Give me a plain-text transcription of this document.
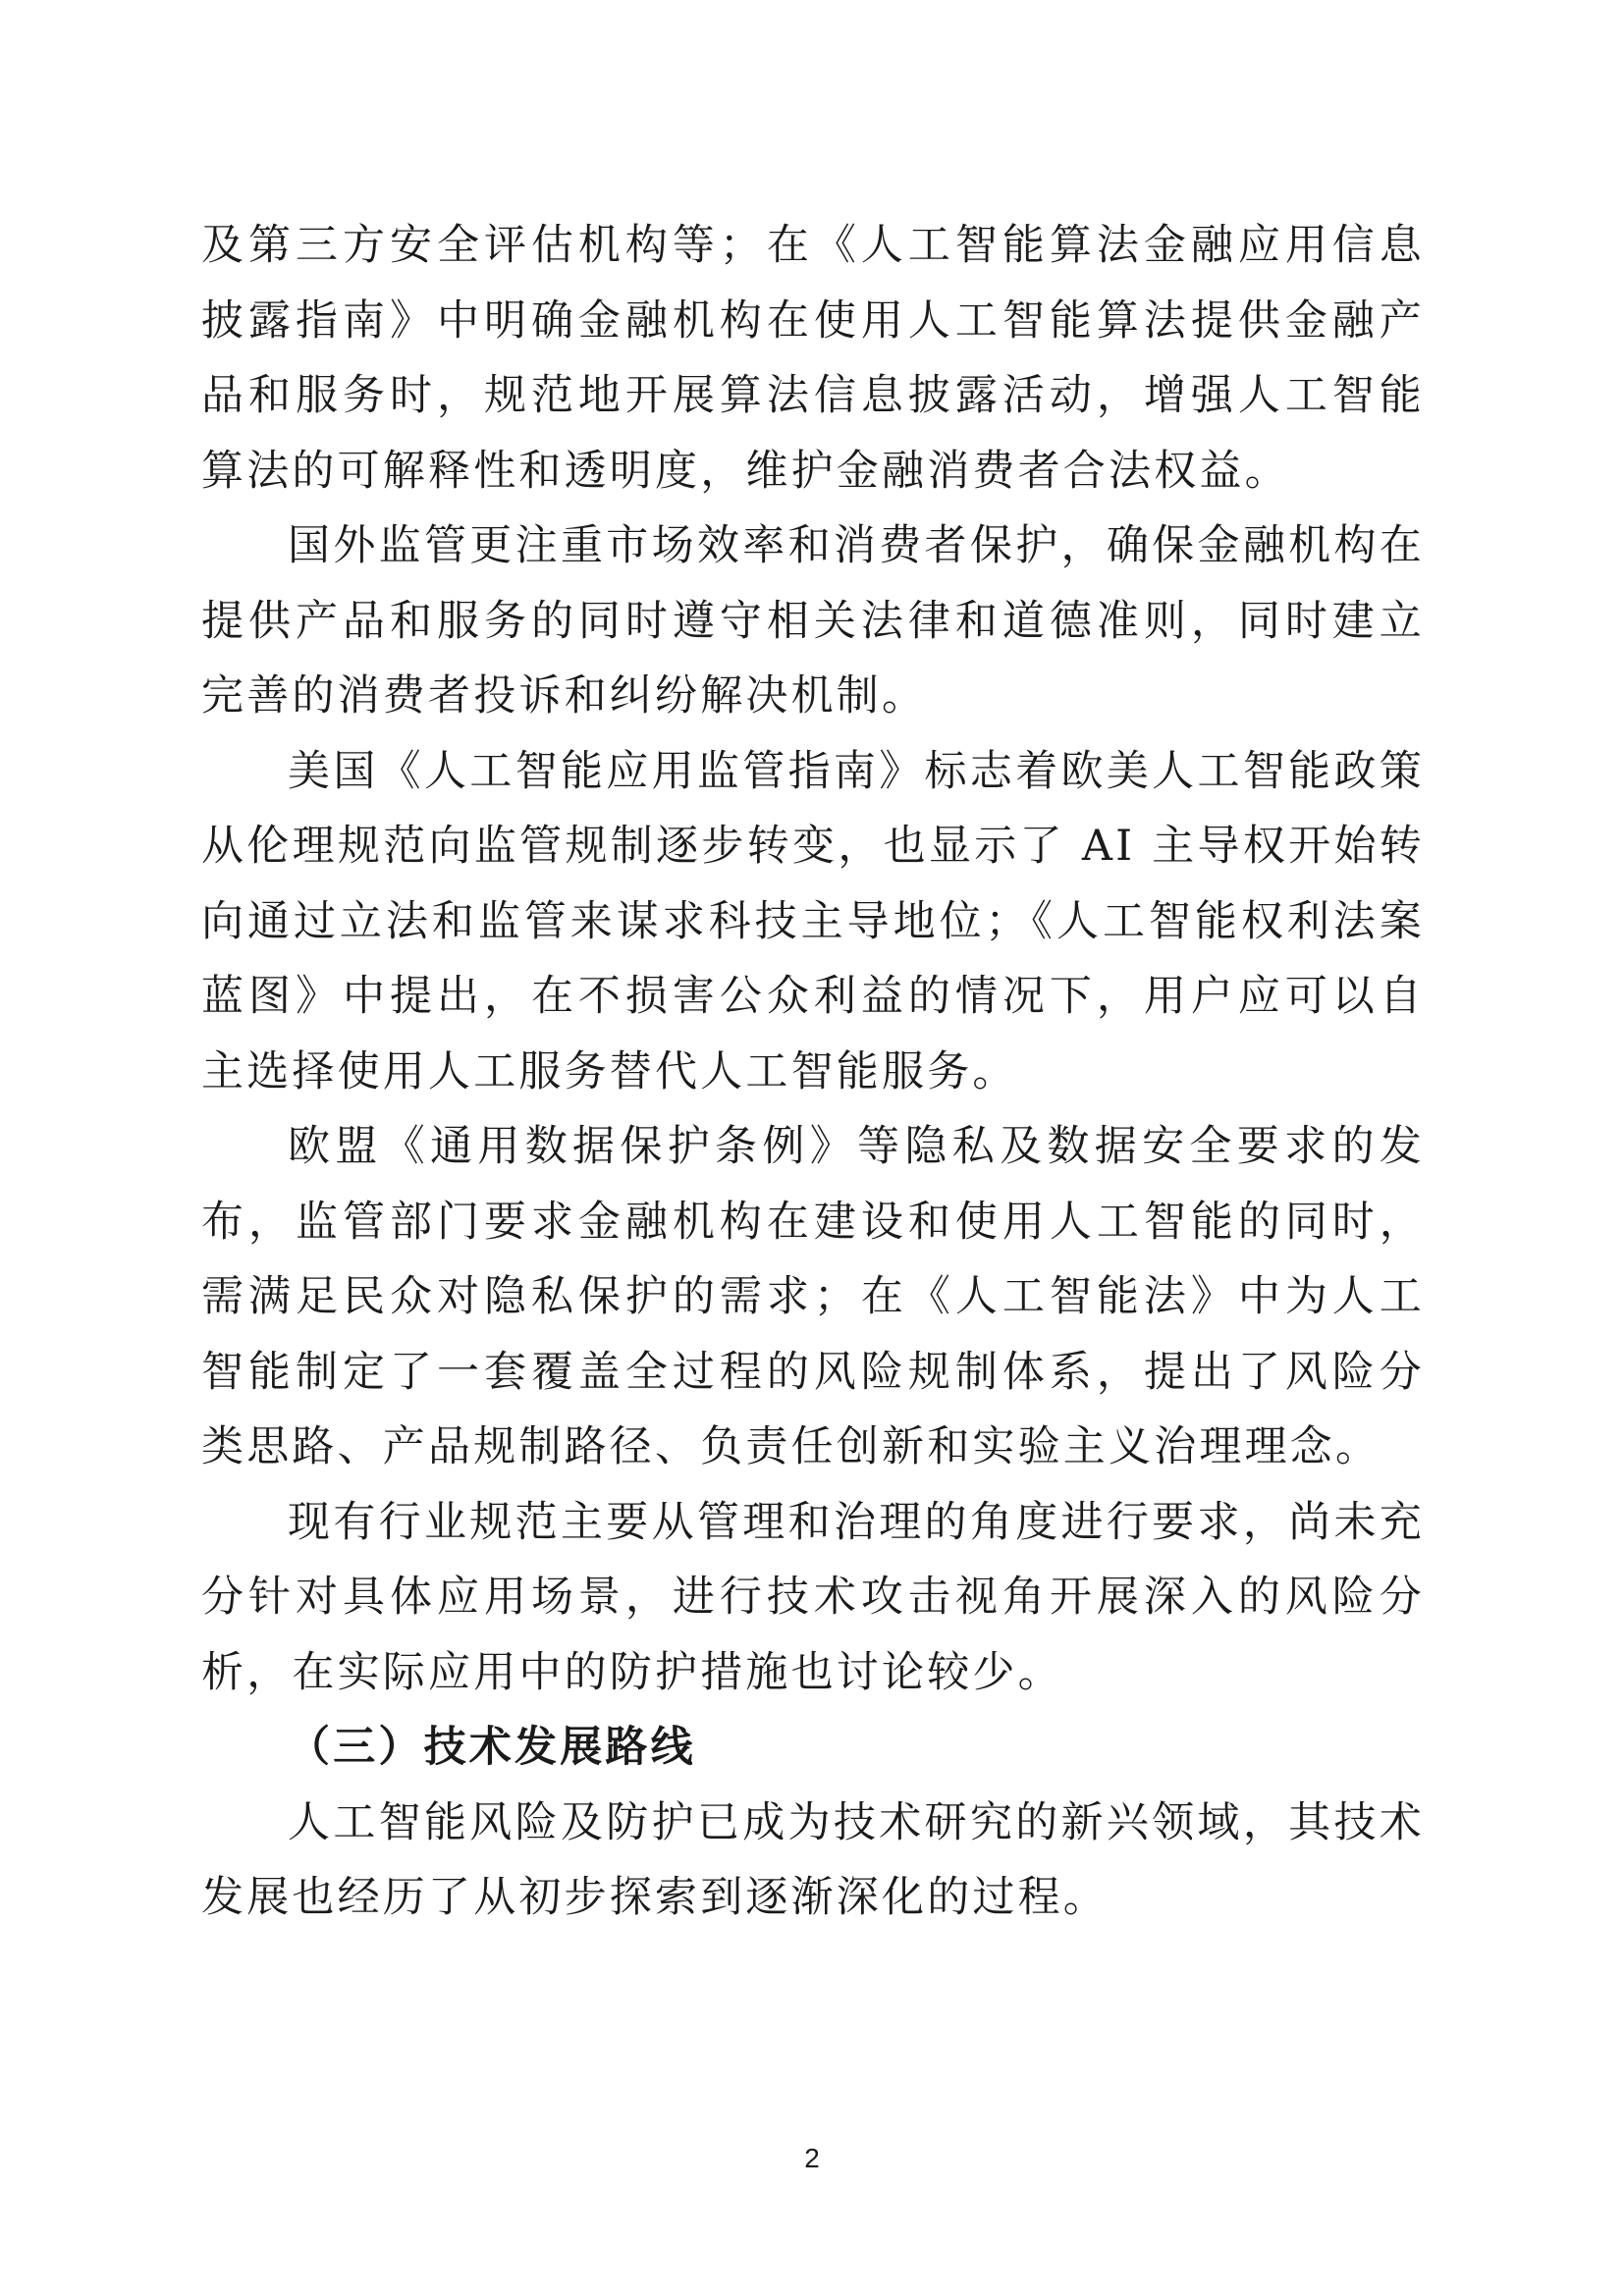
及第三方安全评估机构等；在《人工智能算法金融应用信息披露指南》中明确金融机构在使用人工智能算法提供金融产品和服务时，规范地开展算法信息披露活动，增强人工智能算法的可解释性和透明度，维护金融消费者合法权益。

国外监管更注重市场效率和消费者保护，确保金融机构在提供产品和服务的同时遵守相关法律和道德准则，同时建立完善的消费者投诉和纠纷解决机制。

美国《人工智能应用监管指南》标志着欧美人工智能政策从伦理规范向监管规制逐步转变，也显示了 AI 主导权开始转向通过立法和监管来谋求科技主导地位；《人工智能权利法案蓝图》中提出，在不损害公众利益的情况下，用户应可以自主选择使用人工服务替代人工智能服务。

欧盟《通用数据保护条例》等隐私及数据安全要求的发布，监管部门要求金融机构在建设和使用人工智能的同时，需满足民众对隐私保护的需求；在《人工智能法》中为人工智能制定了一套覆盖全过程的风险规制体系，提出了风险分类思路、产品规制路径、负责任创新和实验主义治理理念。

现有行业规范主要从管理和治理的角度进行要求，尚未充分针对具体应用场景，进行技术攻击视角开展深入的风险分析，在实际应用中的防护措施也讨论较少。

（三）技术发展路线

人工智能风险及防护已成为技术研究的新兴领域，其技术发展也经历了从初步探索到逐渐深化的过程。

2
